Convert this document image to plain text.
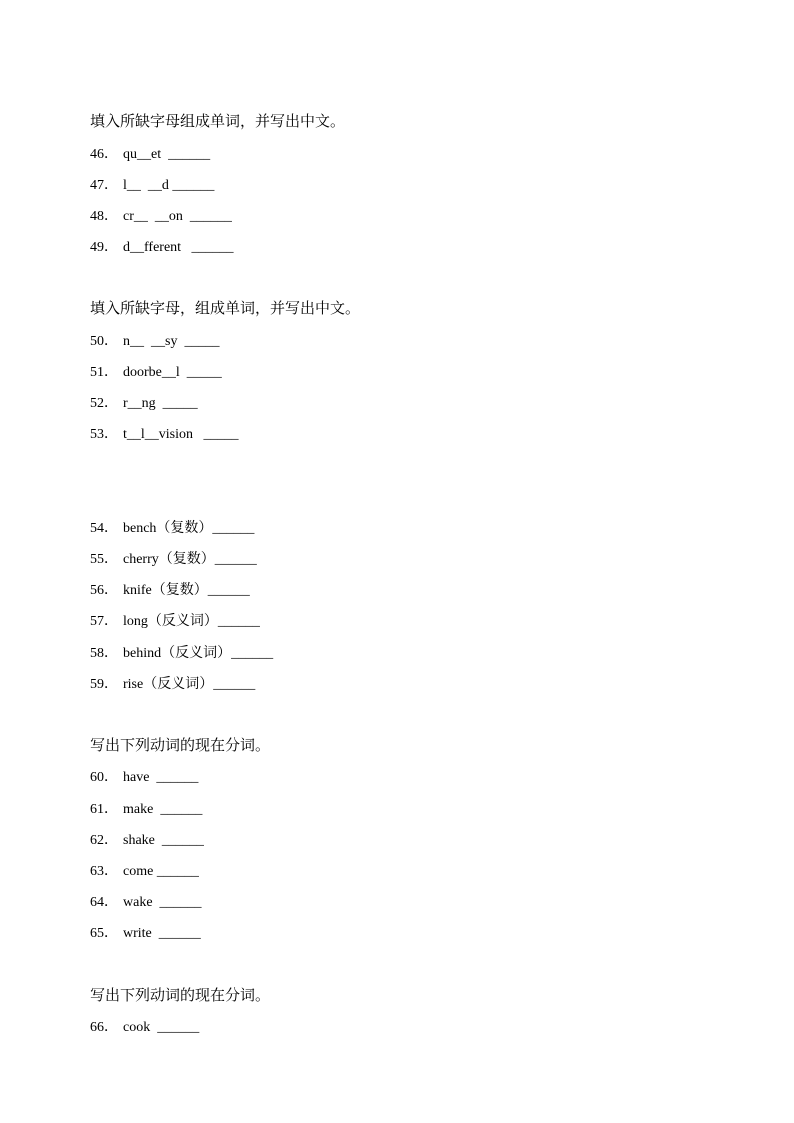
填入所缺字母组成单词，并写出中文。
46． qu__et  ______
47． l__  __d ______
48． cr__  __on  ______
49． d__fferent   ______
填入所缺字母，组成单词，并写出中文。
50． n__  __sy  _____
51． doorbe__l  _____
52． r__ng  _____
53． t__l__vision   _____
54． bench（复数）______
55． cherry（复数）______
56． knife（复数）______
57． long（反义词）______
58． behind（反义词）______
59． rise（反义词）______
写出下列动词的现在分词。
60． have  ______
61． make  ______
62． shake  ______
63． come ______
64． wake  ______
65． write  ______
写出下列动词的现在分词。
66． cook  ______
